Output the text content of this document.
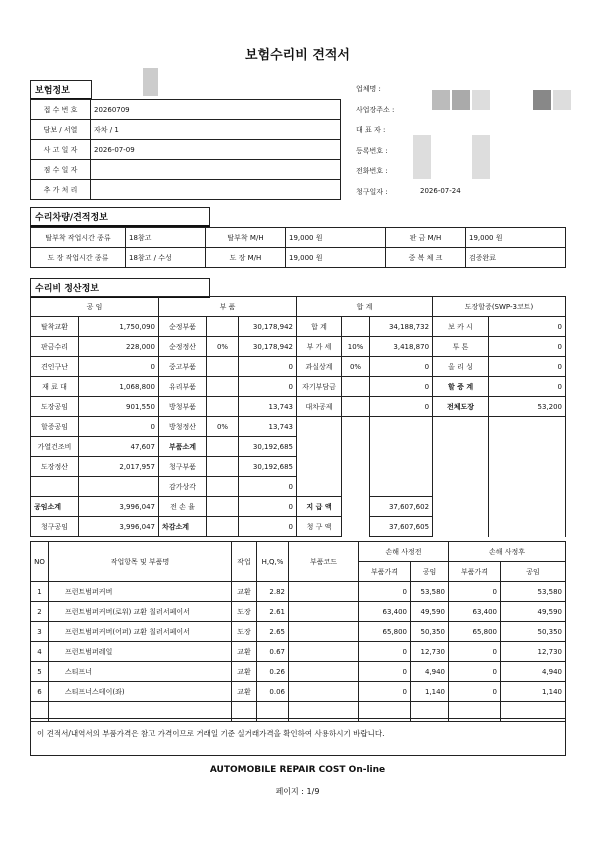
보험수리비 견적서
보험정보
접 수 번 호	20260709
담보 / 서열	자차 / 1
사 고 일 자	2026-07-09
점 수 일 자	
추 가 처 리	
업체명 :
사업장주소 :
대 표 자 :
등록번호 :
전화번호 :
청구일자 :	2026-07-24
수리차량/견적정보
탈부착 작업시간 종류	18참고	탈부착 M/H	19,000 원	판 금 M/H	19,000 원
도 장 작업시간 종류	18참고 / 수성	도 장 M/H	19,000 원	중 복 체 크	검증완료
수리비 정산정보
공 임		부 품			합 계			도장할증(SWP-3코트)	
탈착교환	1,750,090	순정부품		30,178,942	합 계		34,188,732	보 카 시	0
판금수리	228,000	순정정산	0%	30,178,942	부 가 세	10%	3,418,870	투 톤	0
견인구난	0	중고부품		0	과실상계	0%	0	올 리 싱	0
재 료 대	1,068,800	유리부품		0	자기부담금		0	할 증 계	0
도장공임	901,550	방청부품		13,743	대차공제		0	전체도장	53,200
할증공임	0	방청정산	0%	13,743					
가열건조비	47,607	부품소계		30,192,685					
도장정산	2,017,957	청구부품		30,192,685					
		감가상각		0					
공임소계	3,996,047	전 손 율		0	지 급 액		37,607,602		
청구공임	3,996,047	차감소계		0	청 구 액		37,607,605		
NO	작업항목 및 부품명	작업	H,Q,%	부품코드	손해 사정전		손해 사정후	
					부품가격	공임	부품가격	공임
1	프런트범퍼커버	교환	2.82		0	53,580	0	53,580
2	프런트범퍼커버(로워) 교환 칠러서페이서	도장	2.61		63,400	49,590	63,400	49,590
3	프런트범퍼커버(어퍼) 교환 칠러서페이서	도장	2.65		65,800	50,350	65,800	50,350
4	프런트범퍼레일	교환	0.67		0	12,730	0	12,730
5	스티프너	교환	0.26		0	4,940	0	4,940
6	스티프너스테이(좌)	교환	0.06		0	1,140	0	1,140

이 견적서/내역서의 부품가격은 참고 가격이므로 거래일 기준 실거래가격을 확인하여 사용하시기 바랍니다.
AUTOMOBILE REPAIR COST On-line
페이지 : 1/9
